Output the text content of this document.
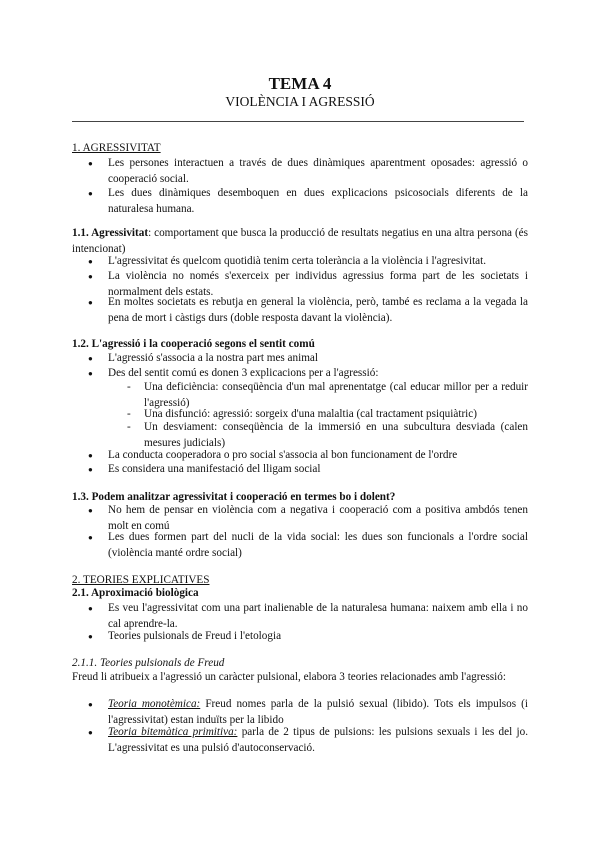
TEMA 4
VIOLÈNCIA I AGRESSIÓ
1. AGRESSIVITAT
● Les persones interactuen a través de dues dinàmiques aparentment oposades: agressió o cooperació social.
● Les dues dinàmiques desemboquen en dues explicacions psicosocials diferents de la naturalesa humana.
1.1. Agressivitat: comportament que busca la producció de resultats negatius en una altra persona (és intencionat)
● L'agressivitat és quelcom quotidià tenim certa tolerància a la violència i l'agresivitat.
● La violència no només s'exerceix per individus agressius forma part de les societats i normalment dels estats.
● En moltes societats es rebutja en general la violència, però, també es reclama a la vegada la pena de mort i càstigs durs (doble resposta davant la violència).
1.2. L'agressió i la cooperació segons el sentit comú
● L'agressió s'associa a la nostra part mes animal
● Des del sentit comú es donen 3 explicacions per a l'agressió:
- Una deficiència: conseqüència d'un mal aprenentatge (cal educar millor per a reduir l'agressió)
- Una disfunció: agressió: sorgeix d'una malaltia (cal tractament psiquiàtric)
- Un desviament: conseqüència de la immersió en una subcultura desviada (calen mesures judicials)
● La conducta cooperadora o pro social s'associa al bon funcionament de l'ordre
● Es considera una manifestació del lligam social
1.3. Podem analitzar agressivitat i cooperació en termes bo i dolent?
● No hem de pensar en violència com a negativa i cooperació com a positiva ambdós tenen molt en comú
● Les dues formen part del nucli de la vida social: les dues son funcionals a l'ordre social (violència manté ordre social)
2. TEORIES EXPLICATIVES
2.1. Aproximació biològica
● Es veu l'agressivitat com una part inalienable de la naturalesa humana: naixem amb ella i no cal aprendre-la.
● Teories pulsionals de Freud i l'etologia
2.1.1. Teories pulsionals de Freud
Freud li atribueix a l'agressió un caràcter pulsional, elabora 3 teories relacionades amb l'agressió:
● Teoria monotèmica: Freud nomes parla de la pulsió sexual (libido). Tots els impulsos (i l'agressivitat) estan induïts per la libido
● Teoria bitemàtica primitiva: parla de 2 tipus de pulsions: les pulsions sexuals i les del jo. L'agressivitat es una pulsió d'autoconservació.
